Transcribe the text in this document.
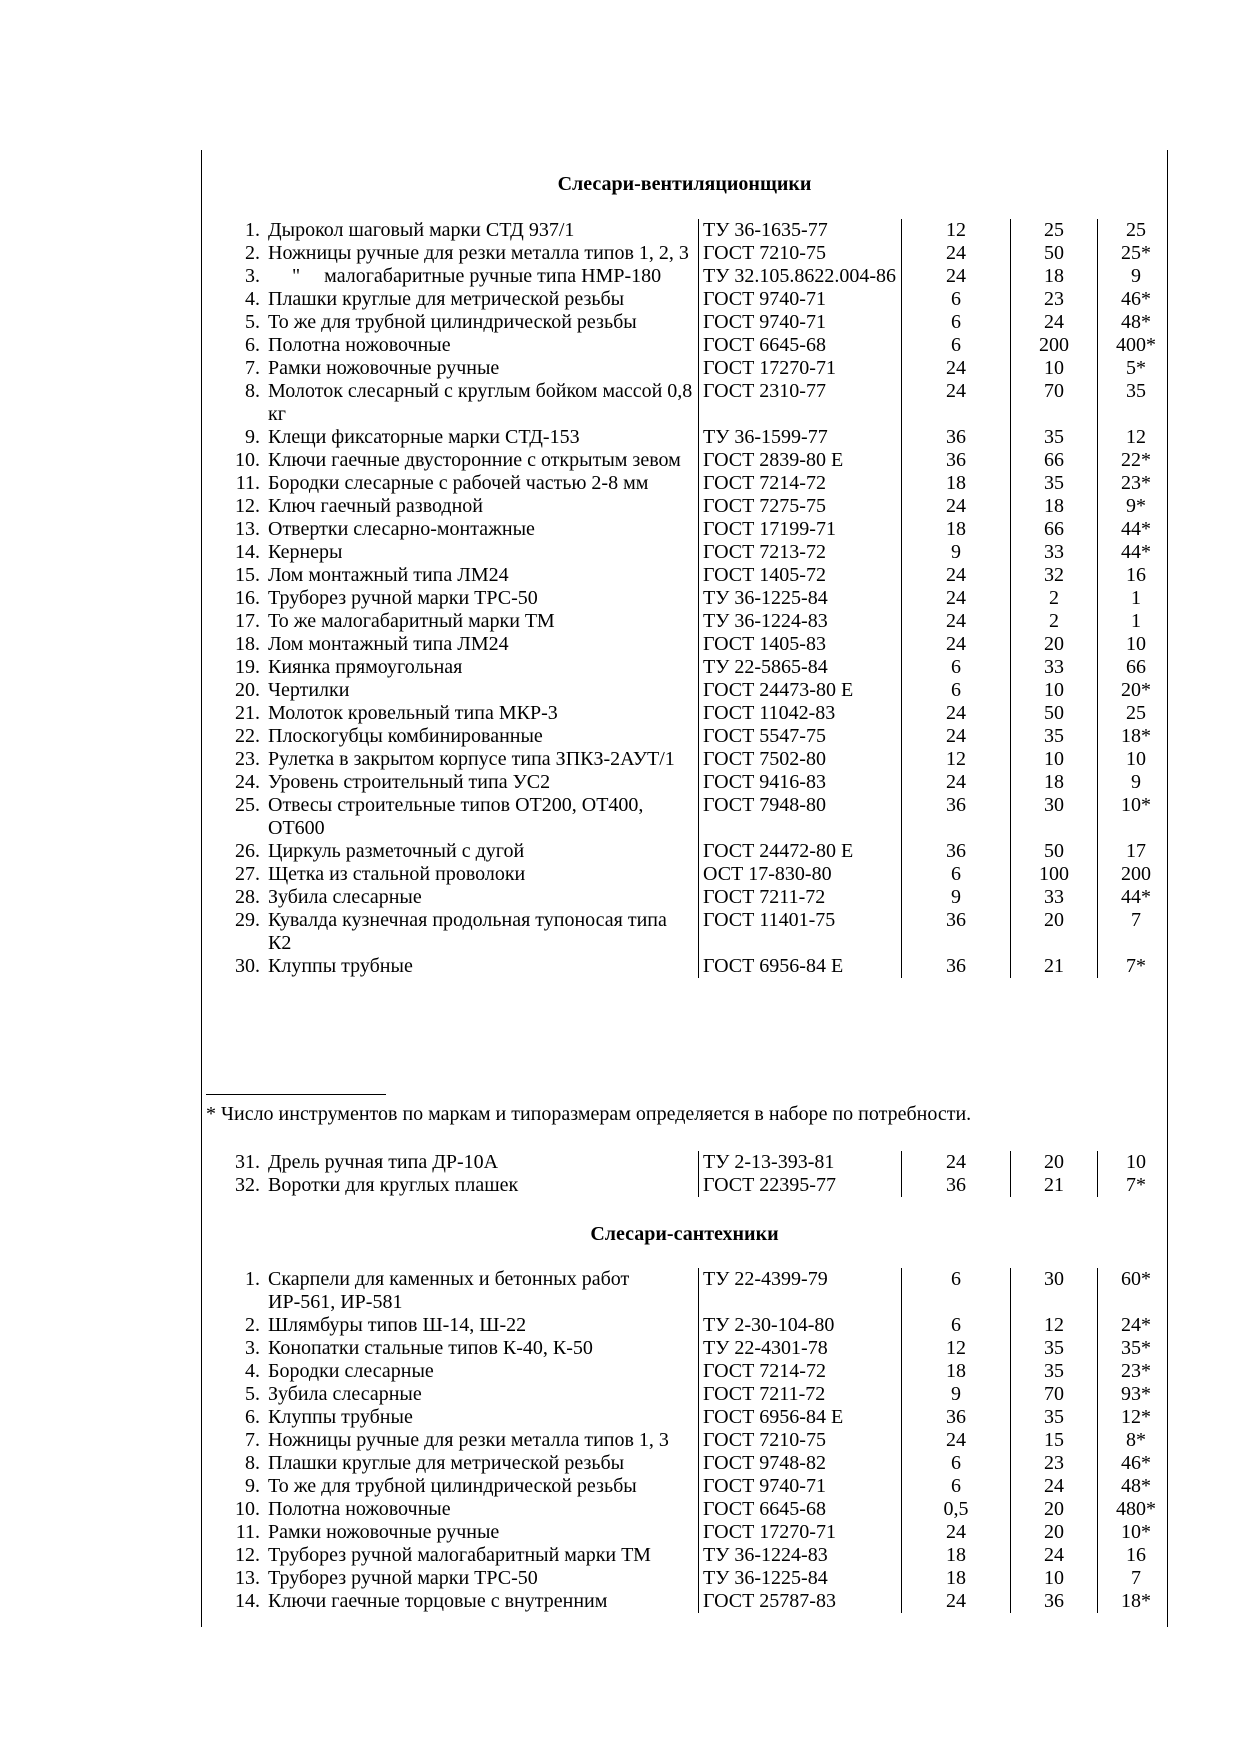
Слесари-вентиляционщики
1.	Дырокол шаговый марки СТД 937/1	ТУ 36-1635-77	12	25	25
2.	Ножницы ручные для резки металла типов 1, 2, 3	ГОСТ 7210-75	24	50	25*
3.	" малогабаритные ручные типа НМР-180	ТУ 32.105.8622.004-86	24	18	9
4.	Плашки круглые для метрической резьбы	ГОСТ 9740-71	6	23	46*
5.	То же для трубной цилиндрической резьбы	ГОСТ 9740-71	6	24	48*
6.	Полотна ножовочные	ГОСТ 6645-68	6	200	400*
7.	Рамки ножовочные ручные	ГОСТ 17270-71	24	10	5*
8.	Молоток слесарный с круглым бойком массой 0,8 кг	ГОСТ 2310-77	24	70	35
9.	Клещи фиксаторные марки СТД-153	ТУ 36-1599-77	36	35	12
10.	Ключи гаечные двусторонние с открытым зевом	ГОСТ 2839-80 Е	36	66	22*
11.	Бородки слесарные с рабочей частью 2-8 мм	ГОСТ 7214-72	18	35	23*
12.	Ключ гаечный разводной	ГОСТ 7275-75	24	18	9*
13.	Отвертки слесарно-монтажные	ГОСТ 17199-71	18	66	44*
14.	Кернеры	ГОСТ 7213-72	9	33	44*
15.	Лом монтажный типа ЛМ24	ГОСТ 1405-72	24	32	16
16.	Труборез ручной марки ТРС-50	ТУ 36-1225-84	24	2	1
17.	То же малогабаритный марки ТМ	ТУ 36-1224-83	24	2	1
18.	Лом монтажный типа ЛМ24	ГОСТ 1405-83	24	20	10
19.	Киянка прямоугольная	ТУ 22-5865-84	6	33	66
20.	Чертилки	ГОСТ 24473-80 Е	6	10	20*
21.	Молоток кровельный типа МКР-3	ГОСТ 11042-83	24	50	25
22.	Плоскогубцы комбинированные	ГОСТ 5547-75	24	35	18*
23.	Рулетка в закрытом корпусе типа ЗПКЗ-2АУТ/1	ГОСТ 7502-80	12	10	10
24.	Уровень строительный типа УС2	ГОСТ 9416-83	24	18	9
25.	Отвесы строительные типов ОТ200, ОТ400, ОТ600	ГОСТ 7948-80	36	30	10*
26.	Циркуль разметочный с дугой	ГОСТ 24472-80 Е	36	50	17
27.	Щетка из стальной проволоки	ОСТ 17-830-80	6	100	200
28.	Зубила слесарные	ГОСТ 7211-72	9	33	44*
29.	Кувалда кузнечная продольная тупоносая типа К2	ГОСТ 11401-75	36	20	7
30.	Клуппы трубные	ГОСТ 6956-84 Е	36	21	7*
* Число инструментов по маркам и типоразмерам определяется в наборе по потребности.
31.	Дрель ручная типа ДР-10А	ТУ 2-13-393-81	24	20	10
32.	Воротки для круглых плашек	ГОСТ 22395-77	36	21	7*
Слесари-сантехники
1.	Скарпели для каменных и бетонных работ ИР-561, ИР-581	ТУ 22-4399-79	6	30	60*
2.	Шлямбуры типов Ш-14, Ш-22	ТУ 2-30-104-80	6	12	24*
3.	Конопатки стальные типов К-40, К-50	ТУ 22-4301-78	12	35	35*
4.	Бородки слесарные	ГОСТ 7214-72	18	35	23*
5.	Зубила слесарные	ГОСТ 7211-72	9	70	93*
6.	Клуппы трубные	ГОСТ 6956-84 Е	36	35	12*
7.	Ножницы ручные для резки металла типов 1, 3	ГОСТ 7210-75	24	15	8*
8.	Плашки круглые для метрической резьбы	ГОСТ 9748-82	6	23	46*
9.	То же для трубной цилиндрической резьбы	ГОСТ 9740-71	6	24	48*
10.	Полотна ножовочные	ГОСТ 6645-68	0,5	20	480*
11.	Рамки ножовочные ручные	ГОСТ 17270-71	24	20	10*
12.	Труборез ручной малогабаритный марки ТМ	ТУ 36-1224-83	18	24	16
13.	Труборез ручной марки ТРС-50	ТУ 36-1225-84	18	10	7
14.	Ключи гаечные торцовые с внутренним	ГОСТ 25787-83	24	36	18*
